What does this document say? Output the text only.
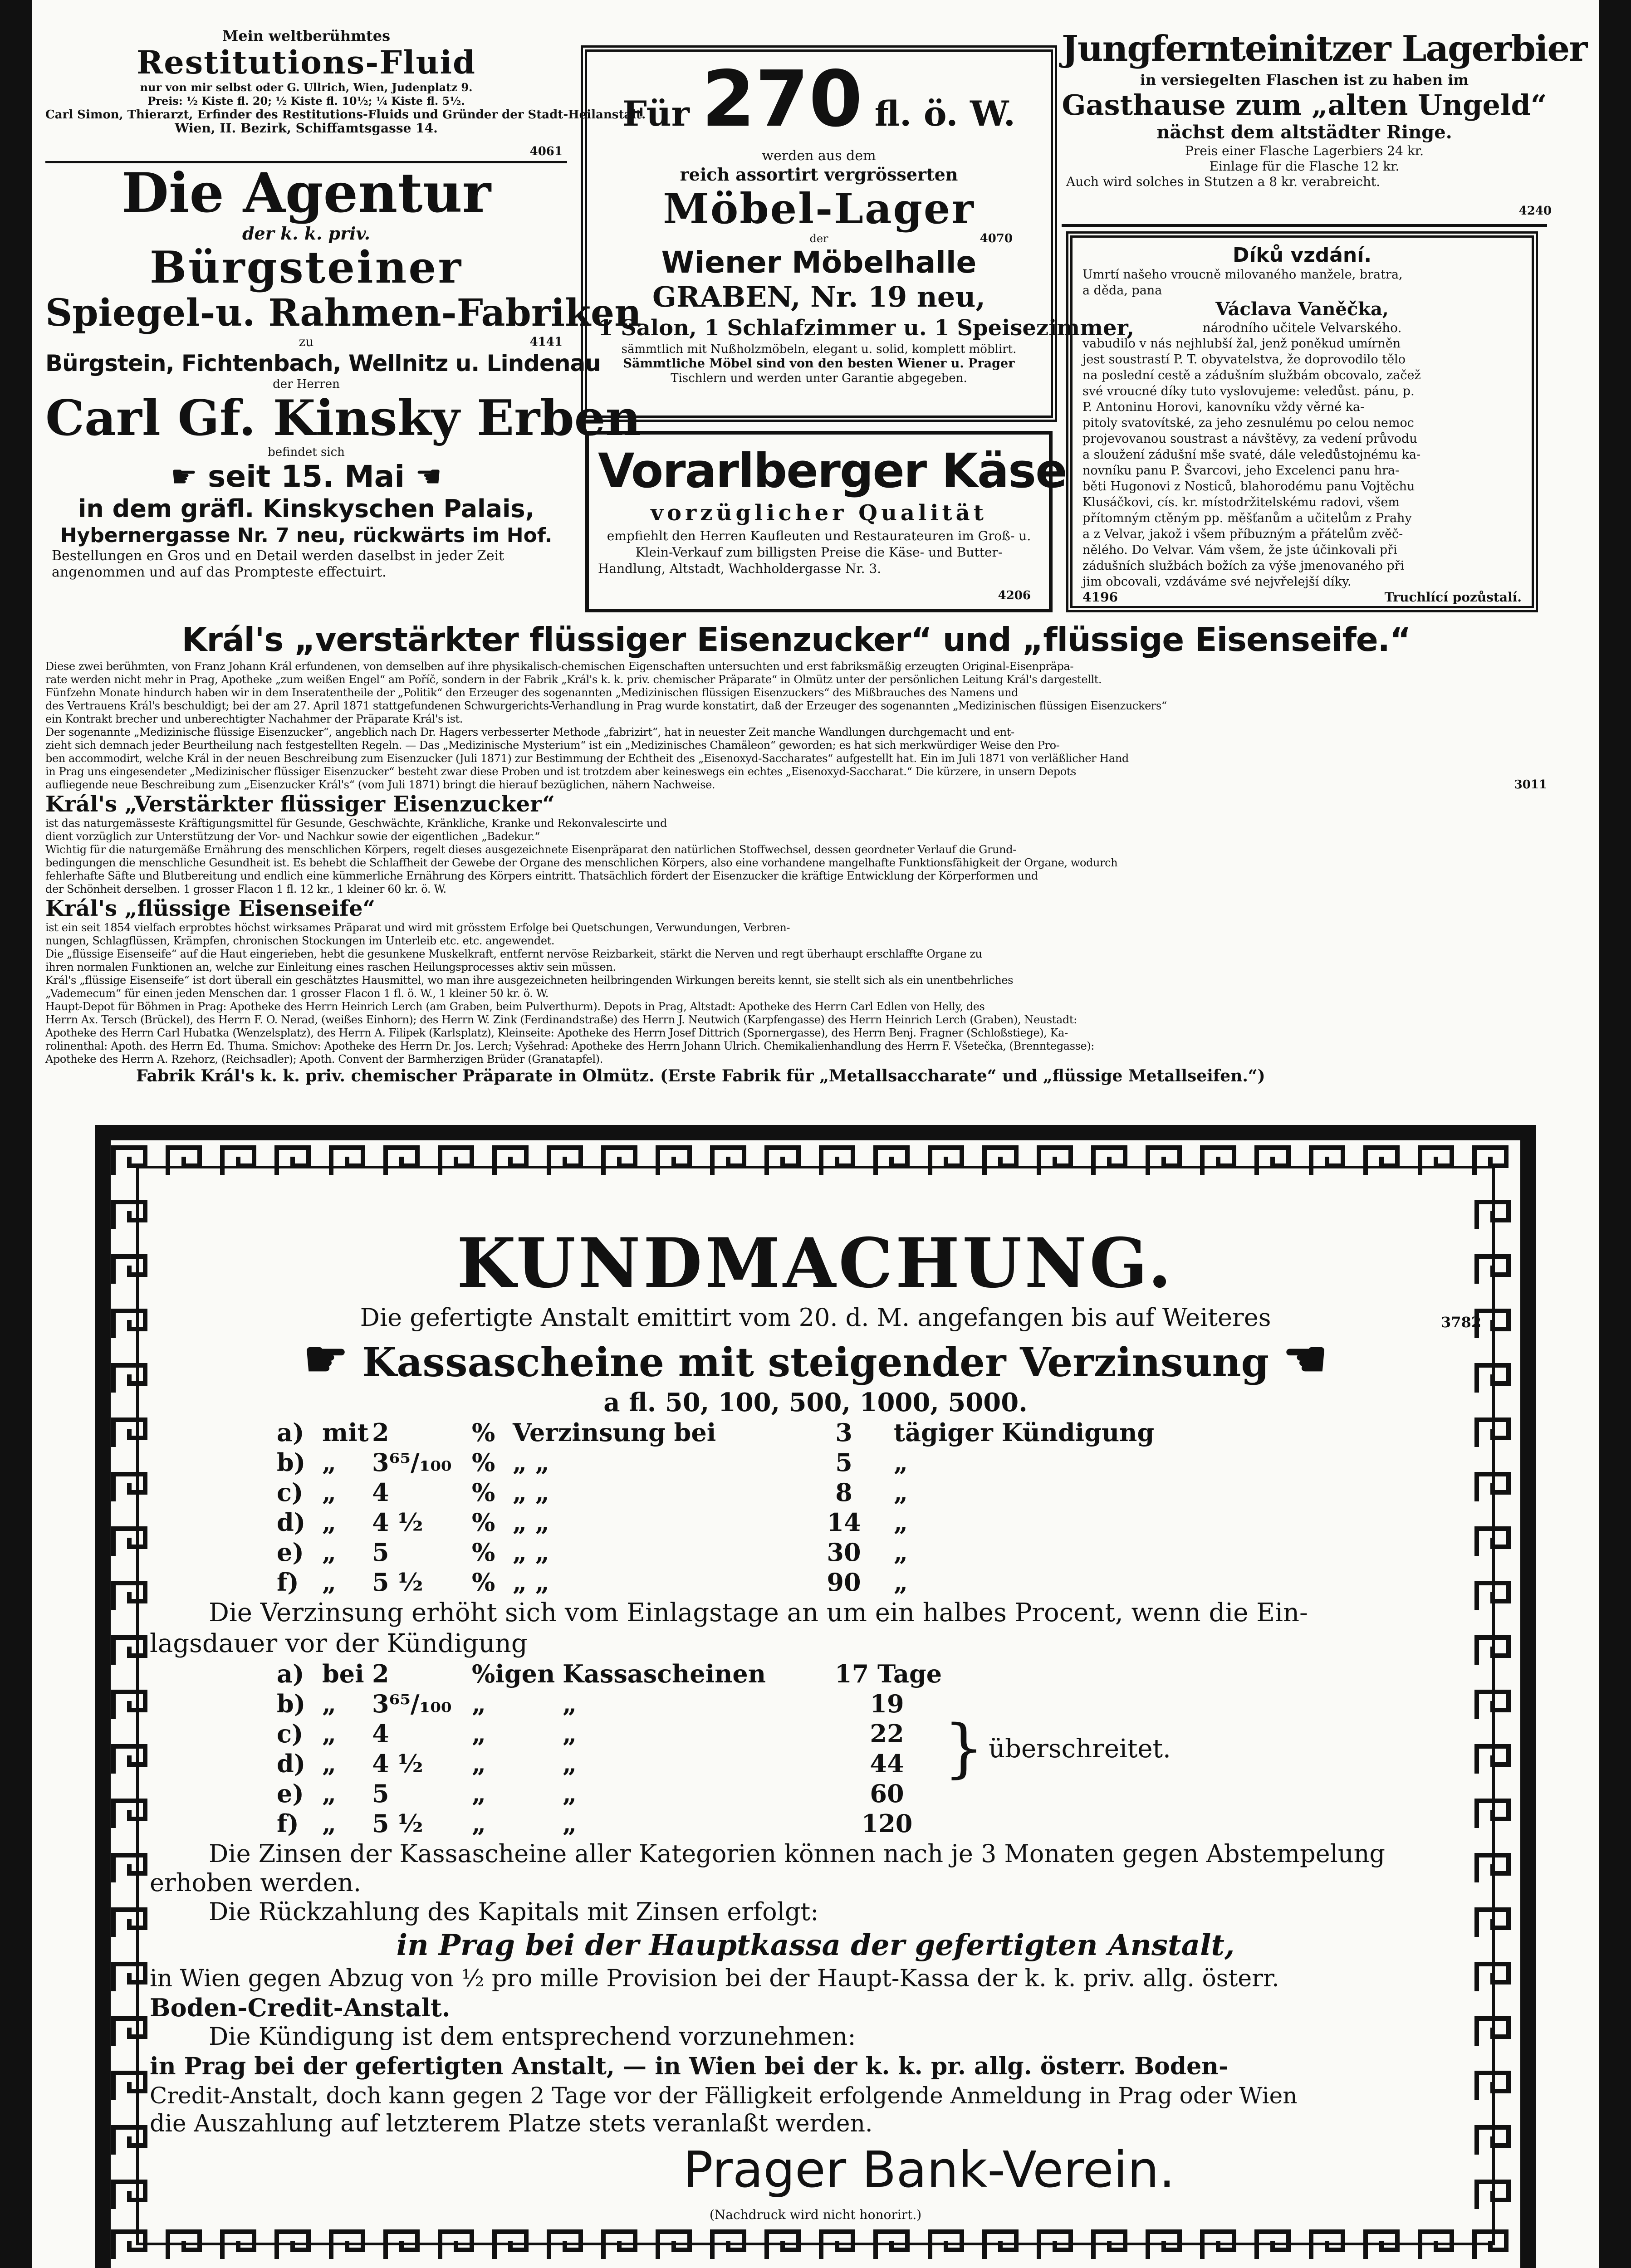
Mein weltberühmtes
Restitutions-Fluid
nur von mir selbst oder G. Ullrich, Wien, Judenplatz 9.
Preis: ½ Kiste fl. 20; ½ Kiste fl. 10½; ¼ Kiste fl. 5½.
Carl Simon, Thierarzt, Erfinder des Restitutions-Fluids und Gründer der Stadt-Heilanstalt.
Wien, II. Bezirk, Schiffamtsgasse 14.
4061
Die Agentur
der k. k. priv.
Bürgsteiner
Spiegel-u. Rahmen-Fabriken
zu	4141
Bürgstein, Fichtenbach, Wellnitz u. Lindenau
der Herren
Carl Gf. Kinsky Erben
befindet sich
☛ seit 15. Mai ☚
in dem gräfl. Kinskyschen Palais,
Hybernergasse Nr. 7 neu, rückwärts im Hof.
Bestellungen en Gros und en Detail werden daselbst in jeder Zeit angenommen und auf das Prompteste effectuirt.
Für 270 fl. ö. W.
werden aus dem
reich assortirt vergrösserten
Möbel-Lager
der	4070
Wiener Möbelhalle
GRABEN, Nr. 19 neu,
1 Salon, 1 Schlafzimmer u. 1 Speisezimmer,
sämmtlich mit Nußholzmöbeln, elegant u. solid, komplett möblirt.
Sämmtliche Möbel sind von den besten Wiener u. Prager
Tischlern und werden unter Garantie abgegeben.
Vorarlberger Käse
vorzüglicher Qualität
empfiehlt den Herren Kaufleuten und Restaurateuren im Groß- u.
Klein-Verkauf zum billigsten Preise die Käse- und Butter-
Handlung, Altstadt, Wachholdergasse Nr. 3.
4206
Jungfernteinitzer Lagerbier
in versiegelten Flaschen ist zu haben im
Gasthause zum „alten Ungeld“
nächst dem altstädter Ringe.
Preis einer Flasche Lagerbiers 24 kr.
Einlage für die Flasche 12 kr.
Auch wird solches in Stutzen a 8 kr. verabreicht.
4240
Díků vzdání.
Umrtí našeho vroucně milovaného manžele, bratra,
a děda, pana
Václava Vaněčka,
národního učitele Velvarského.
vabudilo v nás nejhlubší žal, jenž poněkud umírněn
jest soustrastí P. T. obyvatelstva, že doprovodilo tělo
na poslední cestě a zádušním službám obcovalo, začež
své vroucné díky tuto vyslovujeme: veledůst. pánu, p.
P. Antoninu Horovi, kanovníku vždy věrné ka-
pitoly svatovítské, za jeho zesnulému po celou nemoc
projevovanou soustrast a návštěvy, za vedení průvodu
a sloužení zádušní mše svaté, dále veledůstojnému ka-
novníku panu P. Švarcovi, jeho Excelenci panu hra-
běti Hugonovi z Nosticů, blahorodému panu Vojtěchu
Klusáčkovi, cís. kr. místodržitelskému radovi, všem
přítomným ctěným pp. měšťanům a učitelům z Prahy
a z Velvar, jakož i všem příbuzným a přátelům zvěč-
nělého. Do Velvar. Vám všem, že jste účinkovali při
zádušních službách božích za výše jmenovaného při
jim obcovali, vzdáváme své nejvřelejší díky.
4196	Truchlící pozůstalí.
Král's „verstärkter flüssiger Eisenzucker“ und „flüssige Eisenseife.“
Diese zwei berühmten, von Franz Johann Král erfundenen, von demselben auf ihre physikalisch-chemischen Eigenschaften untersuchten und erst fabriksmäßig erzeugten Original-Eisenpräpa-
rate werden nicht mehr in Prag, Apotheke „zum weißen Engel“ am Poříč, sondern in der Fabrik „Král's k. k. priv. chemischer Präparate“ in Olmütz unter der persönlichen Leitung Král's dargestellt.
Fünfzehn Monate hindurch haben wir in dem Inseratentheile der „Politik“ den Erzeuger des sogenannten „Medizinischen flüssigen Eisenzuckers“ des Mißbrauches des Namens und
des Vertrauens Král's beschuldigt; bei der am 27. April 1871 stattgefundenen Schwurgerichts-Verhandlung in Prag wurde konstatirt, daß der Erzeuger des sogenannten „Medizinischen flüssigen Eisenzuckers“
ein Kontrakt brecher und unberechtigter Nachahmer der Präparate Král's ist.
Der sogenannte „Medizinische flüssige Eisenzucker“, angeblich nach Dr. Hagers verbesserter Methode „fabrizirt“, hat in neuester Zeit manche Wandlungen durchgemacht und ent-
zieht sich demnach jeder Beurtheilung nach festgestellten Regeln. — Das „Medizinische Mysterium“ ist ein „Medizinisches Chamäleon“ geworden; es hat sich merkwürdiger Weise den Pro-
ben accommodirt, welche Král in der neuen Beschreibung zum Eisenzucker (Juli 1871) zur Bestimmung der Echtheit des „Eisenoxyd-Saccharates“ aufgestellt hat. Ein im Juli 1871 von verläßlicher Hand
in Prag uns eingesendeter „Medizinischer flüssiger Eisenzucker“ besteht zwar diese Proben und ist trotzdem aber keineswegs ein echtes „Eisenoxyd-Saccharat.“ Die kürzere, in unsern Depots
aufliegende neue Beschreibung zum „Eisenzucker Král's“ (vom Juli 1871) bringt die hierauf bezüglichen, nähern Nachweise.	3011
Král's „Verstärkter flüssiger Eisenzucker“
ist das naturgemässeste Kräftigungsmittel für Gesunde, Geschwächte, Kränkliche, Kranke und Rekonvalescirte und
dient vorzüglich zur Unterstützung der Vor- und Nachkur sowie der eigentlichen „Badekur.“
Wichtig für die naturgemäße Ernährung des menschlichen Körpers, regelt dieses ausgezeichnete Eisenpräparat den natürlichen Stoffwechsel, dessen geordneter Verlauf die Grund-
bedingungen die menschliche Gesundheit ist. Es behebt die Schlaffheit der Gewebe der Organe des menschlichen Körpers, also eine vorhandene mangelhafte Funktionsfähigkeit der Organe, wodurch
fehlerhafte Säfte und Blutbereitung und endlich eine kümmerliche Ernährung des Körpers eintritt. Thatsächlich fördert der Eisenzucker die kräftige Entwicklung der Körperformen und
der Schönheit derselben. 1 grosser Flacon 1 fl. 12 kr., 1 kleiner 60 kr. ö. W.
Král's „flüssige Eisenseife“
ist ein seit 1854 vielfach erprobtes höchst wirksames Präparat und wird mit grösstem Erfolge bei Quetschungen, Verwundungen, Verbren-
nungen, Schlagflüssen, Krämpfen, chronischen Stockungen im Unterleib etc. etc. angewendet.
Die „flüssige Eisenseife“ auf die Haut eingerieben, hebt die gesunkene Muskelkraft, entfernt nervöse Reizbarkeit, stärkt die Nerven und regt überhaupt erschlaffte Organe zu
ihren normalen Funktionen an, welche zur Einleitung eines raschen Heilungsprocesses aktiv sein müssen.
Král's „flüssige Eisenseife“ ist dort überall ein geschätztes Hausmittel, wo man ihre ausgezeichneten heilbringenden Wirkungen bereits kennt, sie stellt sich als ein unentbehrliches
„Vademecum“ für einen jeden Menschen dar. 1 grosser Flacon 1 fl. ö. W., 1 kleiner 50 kr. ö. W.
Haupt-Depot für Böhmen in Prag: Apotheke des Herrn Heinrich Lerch (am Graben, beim Pulverthurm). Depots in Prag, Altstadt: Apotheke des Herrn Carl Edlen von Helly, des
Herrn Ax. Tersch (Brückel), des Herrn F. O. Nerad, (weißes Einhorn); des Herrn W. Zink (Ferdinandstraße) des Herrn J. Neutwich (Karpfengasse) des Herrn Heinrich Lerch (Graben), Neustadt:
Apotheke des Herrn Carl Hubatka (Wenzelsplatz), des Herrn A. Filipek (Karlsplatz), Kleinseite: Apotheke des Herrn Josef Dittrich (Spornergasse), des Herrn Benj. Fragner (Schloßstiege), Ka-
rolinenthal: Apoth. des Herrn Ed. Thuma. Smichov: Apotheke des Herrn Dr. Jos. Lerch; Vyšehrad: Apotheke des Herrn Johann Ulrich. Chemikalienhandlung des Herrn F. Všetečka, (Brenntegasse):
Apotheke des Herrn A. Rzehorz, (Reichsadler); Apoth. Convent der Barmherzigen Brüder (Granatapfel).
Fabrik Král's k. k. priv. chemischer Präparate in Olmütz. (Erste Fabrik für „Metallsaccharate“ und „flüssige Metallseifen.“)
KUNDMACHUNG.
Die gefertigte Anstalt emittirt vom 20. d. M. angefangen bis auf Weiteres	3782
☛ Kassascheine mit steigender Verzinsung ☚
a fl. 50, 100, 500, 1000, 5000.
a) mit 2	% Verzinsung bei	3	tägiger Kündigung
b) „	3⁶⁵/₁₀₀ % „ „	5	„
c) „	4	% „ „	8	„
d) „	4 ½	% „ „	14	„
e) „	5	% „ „	30	„
f) „	5 ½	% „ „	90	„
Die Verzinsung erhöht sich vom Einlagstage an um ein halbes Procent, wenn die Ein-
lagsdauer vor der Kündigung
a) bei 2	%igen Kassascheinen	17 Tage
b) „	3⁶⁵/₁₀₀ „	„	19
c) „	4	„	„	22
d) „	4 ½	„	„	44
e) „	5	„	„	60
f) „	5 ½	„	„	120
} überschreitet.
Die Zinsen der Kassascheine aller Kategorien können nach je 3 Monaten gegen Abstempelung
erhoben werden.
Die Rückzahlung des Kapitals mit Zinsen erfolgt:
in Prag bei der Hauptkassa der gefertigten Anstalt,
in Wien gegen Abzug von ½ pro mille Provision bei der Haupt-Kassa der k. k. priv. allg. österr.
Boden-Credit-Anstalt.
Die Kündigung ist dem entsprechend vorzunehmen:
in Prag bei der gefertigten Anstalt, — in Wien bei der k. k. pr. allg. österr. Boden-
Credit-Anstalt, doch kann gegen 2 Tage vor der Fälligkeit erfolgende Anmeldung in Prag oder Wien
die Auszahlung auf letzterem Platze stets veranlaßt werden.
Prager Bank-Verein.
(Nachdruck wird nicht honorirt.)
